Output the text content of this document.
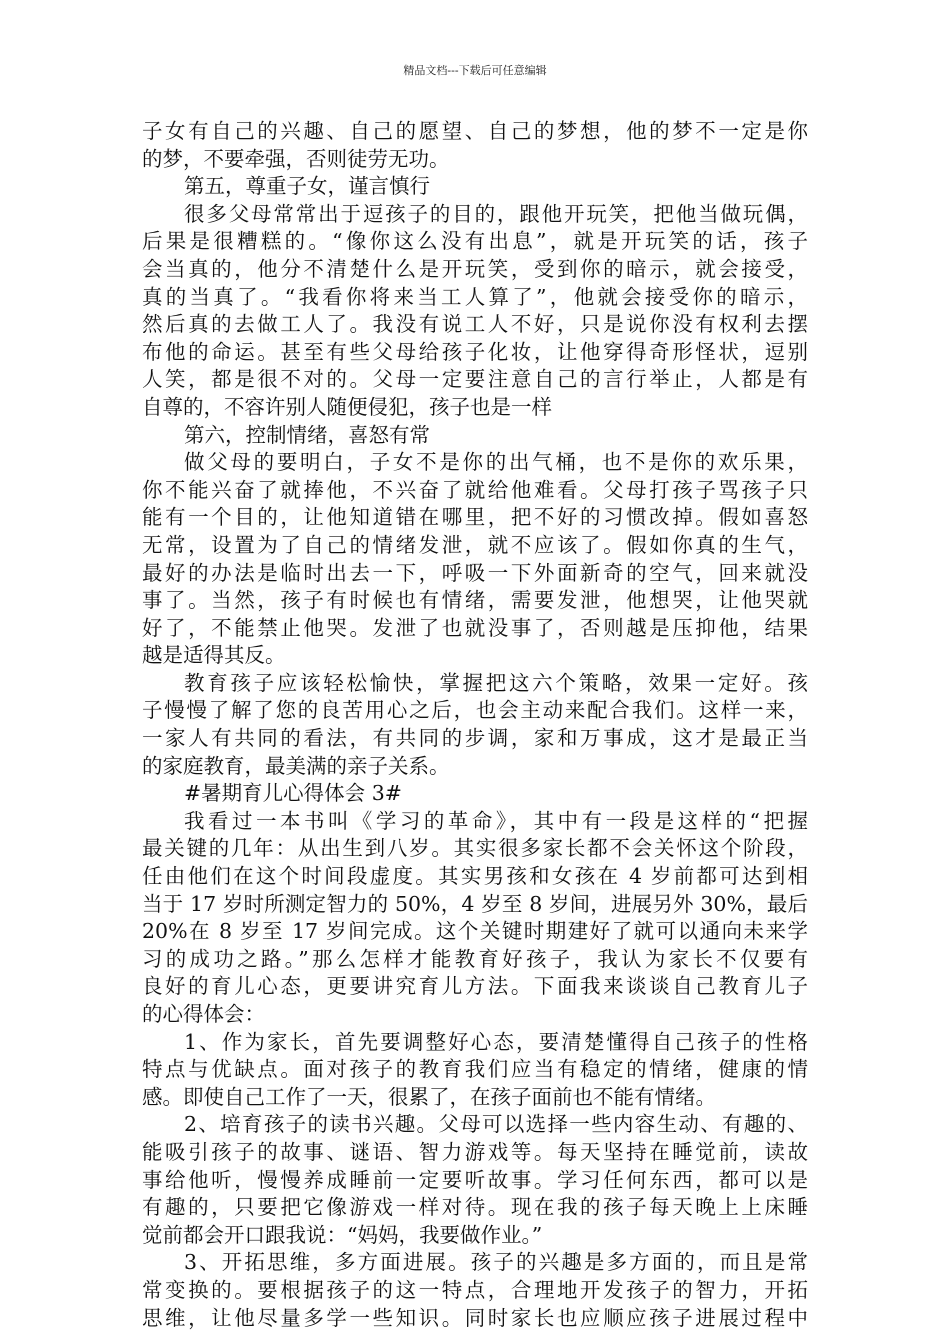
精品文档---下载后可任意编辑
子女有自己的兴趣、自己的愿望、自己的梦想，他的梦不一定是你
的梦，不要牵强，否则徒劳无功。
第五，尊重子女，谨言慎行
很多父母常常出于逗孩子的目的，跟他开玩笑，把他当做玩偶，
后果是很糟糕的。“像你这么没有出息”，就是开玩笑的话，孩子
会当真的，他分不清楚什么是开玩笑，受到你的暗示，就会接受，
真的当真了。“我看你将来当工人算了”，他就会接受你的暗示，
然后真的去做工人了。我没有说工人不好，只是说你没有权利去摆
布他的命运。甚至有些父母给孩子化妆，让他穿得奇形怪状，逗别
人笑，都是很不对的。父母一定要注意自己的言行举止，人都是有
自尊的，不容许别人随便侵犯，孩子也是一样
第六，控制情绪，喜怒有常
做父母的要明白，子女不是你的出气桶，也不是你的欢乐果，
你不能兴奋了就捧他，不兴奋了就给他难看。父母打孩子骂孩子只
能有一个目的，让他知道错在哪里，把不好的习惯改掉。假如喜怒
无常，设置为了自己的情绪发泄，就不应该了。假如你真的生气，
最好的办法是临时出去一下，呼吸一下外面新奇的空气，回来就没
事了。当然，孩子有时候也有情绪，需要发泄，他想哭，让他哭就
好了，不能禁止他哭。发泄了也就没事了，否则越是压抑他，结果
越是适得其反。
教育孩子应该轻松愉快，掌握把这六个策略，效果一定好。孩
子慢慢了解了您的良苦用心之后，也会主动来配合我们。这样一来，
一家人有共同的看法，有共同的步调，家和万事成，这才是最正当
的家庭教育，最美满的亲子关系。
#暑期育儿心得体会 3#
我看过一本书叫《学习的革命》，其中有一段是这样的“把握
最关键的几年：从出生到八岁。其实很多家长都不会关怀这个阶段，
任由他们在这个时间段虚度。其实男孩和女孩在 4 岁前都可达到相
当于 17 岁时所测定智力的 50%，4 岁至 8 岁间，进展另外 30%，最后
20%在 8 岁至 17 岁间完成。这个关键时期建好了就可以通向未来学
习的成功之路。”那么怎样才能教育好孩子，我认为家长不仅要有
良好的育儿心态，更要讲究育儿方法。下面我来谈谈自己教育儿子
的心得体会：
1、作为家长，首先要调整好心态，要清楚懂得自己孩子的性格
特点与优缺点。面对孩子的教育我们应当有稳定的情绪，健康的情
感。即使自己工作了一天，很累了，在孩子面前也不能有情绪。
2、培育孩子的读书兴趣。父母可以选择一些内容生动、有趣的、
能吸引孩子的故事、谜语、智力游戏等。每天坚持在睡觉前，读故
事给他听，慢慢养成睡前一定要听故事。学习任何东西，都可以是
有趣的，只要把它像游戏一样对待。现在我的孩子每天晚上上床睡
觉前都会开口跟我说：“妈妈，我要做作业。”
3、开拓思维，多方面进展。孩子的兴趣是多方面的，而且是常
常变换的。要根据孩子的这一特点，合理地开发孩子的智力，开拓
思维，让他尽量多学一些知识。同时家长也应顺应孩子进展过程中
